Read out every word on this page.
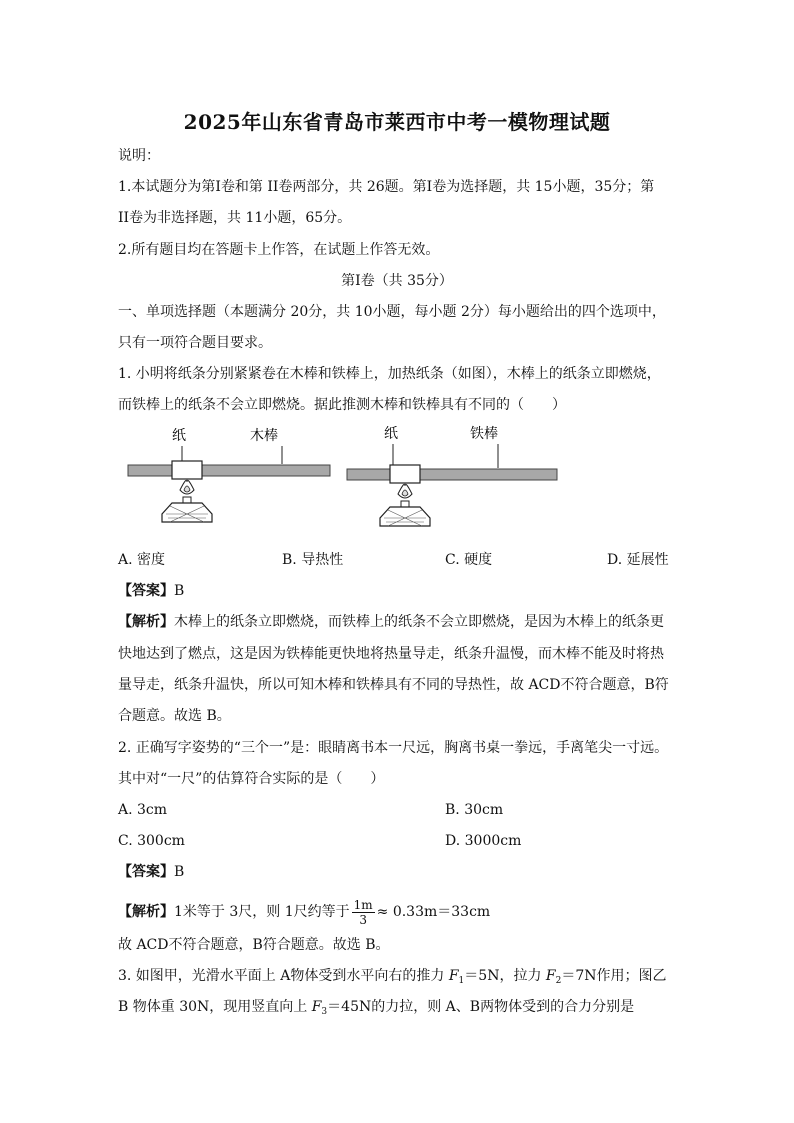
2025年山东省青岛市莱西市中考一模物理试题
说明：
1.本试题分为第Ⅰ卷和第 II卷两部分，共 26题。第Ⅰ卷为选择题，共 15小题，35分；第
II卷为非选择题，共 11小题，65分。
2.所有题目均在答题卡上作答，在试题上作答无效。
第Ⅰ卷（共 35分）
一、单项选择题（本题满分 20分，共 10小题，每小题 2分）每小题给出的四个选项中，
只有一项符合题目要求。
1. 小明将纸条分别紧紧卷在木棒和铁棒上，加热纸条（如图），木棒上的纸条立即燃烧，
而铁棒上的纸条不会立即燃烧。据此推测木棒和铁棒具有不同的（　　）
纸	木棒	纸	铁棒
A. 密度	B. 导热性	C. 硬度	D. 延展性
【答案】B
【解析】木棒上的纸条立即燃烧，而铁棒上的纸条不会立即燃烧，是因为木棒上的纸条更
快地达到了燃点，这是因为铁棒能更快地将热量导走，纸条升温慢，而木棒不能及时将热
量导走，纸条升温快，所以可知木棒和铁棒具有不同的导热性，故 ACD不符合题意，B符
合题意。故选 B。
2. 正确写字姿势的“三个一”是：眼睛离书本一尺远，胸离书桌一拳远，手离笔尖一寸远。
其中对“一尺”的估算符合实际的是（　　）
A. 3cm	B. 30cm
C. 300cm	D. 3000cm
【答案】B
【解析】1米等于 3尺，则 1尺约等于 $\frac{1m}{3} \approx 0.33m=33cm$
故 ACD不符合题意，B符合题意。故选 B。
3. 如图甲，光滑水平面上 A物体受到水平向右的推力 $F_1=5N$，拉力 $F_2=7N$作用；图乙
B 物体重 30N，现用竖直向上 $F_3=45N$的力拉，则 A、B两物体受到的合力分别是
